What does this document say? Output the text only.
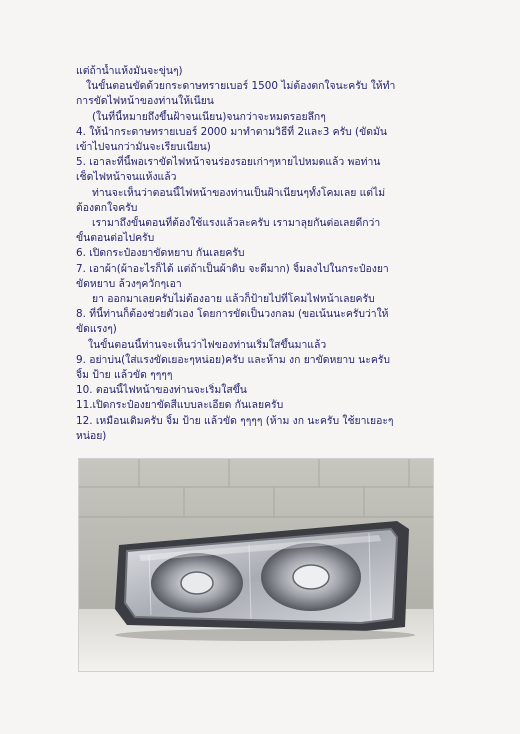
แต่ถ้าน้ำแห้งมันจะขุ่นๆ)
ในขั้นตอนขัดด้วยกระดาษทรายเบอร์ 1500 ไม่ต้องตกใจนะครับ ให้ทำ
การขัดไฟหน้าของท่านให้เนียน
(ในที่นี้หมายถึงขึ้นฝ้าจนเนียน)จนกว่าจะหมดรอยลึกๆ
4. ให้นำกระดาษทรายเบอร์ 2000 มาทำตามวิธีที่ 2และ3 ครับ (ขัดมัน
เข้าไปจนกว่ามันจะเรียบเนียน)
5. เอาละที่นี้พอเราขัดไฟหน้าจนร่องรอยเก่าๆหายไปหมดแล้ว พอท่าน
เช็ดไฟหน้าจนแห้งแล้ว
ท่านจะเห็นว่าตอนนี้ไฟหน้าของท่านเป็นฝ้าเนียนๆทั้งโคมเลย แต่ไม่
ต้องตกใจครับ
เรามาถึงขั้นตอนที่ต้องใช้แรงแล้วละครับ เรามาลุยกันต่อเลยดีกว่า
ขั้นตอนต่อไปครับ
6. เปิดกระป๋องยาขัดหยาบ กันเลยครับ
7. เอาผ้า(ผ้าอะไรก็ได้ แต่ถ้าเป็นผ้าดิบ จะดีมาก) จิ้มลงไปในกระป๋องยา
ขัดหยาบ ล้วงๆควักๆเอา
ยา ออกมาเลยครับไม่ต้องอาย แล้วก็ป้ายไปที่โคมไฟหน้าเลยครับ
8. ที่นี้ท่านก็ต้องช่วยตัวเอง โดยการขัดเป็นวงกลม (ขอเน้นนะครับว่าให้
ขัดแรงๆ)
ในขั้นตอนนี้ท่านจะเห็นว่าไฟของท่านเริ่มใสขึ้นมาแล้ว
9. อย่าบ่น(ใส่แรงขัดเยอะๆหน่อย)ครับ และห้าม งก ยาขัดหยาบ นะครับ
จิ้ม ป้าย แล้วขัด ๆๆๆๆ
10. ตอนนี้ไฟหน้าของท่านจะเริ่มใสขึ้น
11.เปิดกระป๋องยาขัดสีแบบละเอียด กันเลยครับ
12. เหมือนเดิมครับ จิ้ม ป้าย แล้วขัด ๆๆๆๆ (ห้าม งก นะครับ ใช้ยาเยอะๆ
หน่อย)
